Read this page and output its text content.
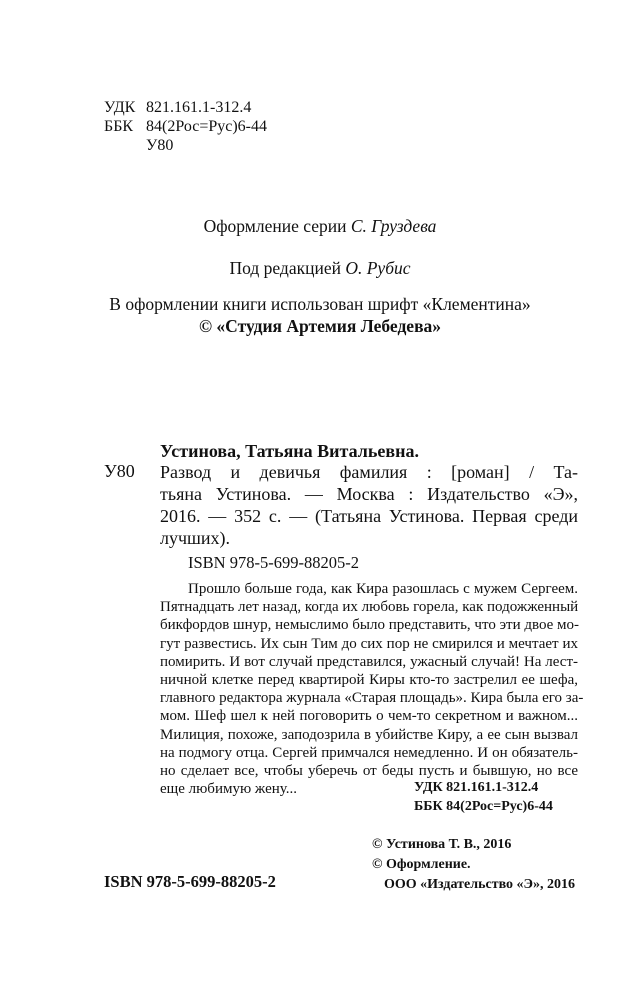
УДК 821.161.1-312.4
ББК 84(2Рос=Рус)6-44
У80
Оформление серии С. Груздева
Под редакцией О. Рубис
В оформлении книги использован шрифт «Клементина»
© «Студия Артемия Лебедева»
Устинова, Татьяна Витальевна.
У80 Развод и девичья фамилия : [роман] / Та-
тьяна Устинова. — Москва : Издательство «Э»,
2016. — 352 с. — (Татьяна Устинова. Первая среди
лучших).
ISBN 978-5-699-88205-2
Прошло больше года, как Кира разошлась с мужем Сергеем.
Пятнадцать лет назад, когда их любовь горела, как подожженный
бикфордов шнур, немыслимо было представить, что эти двое мо-
гут развестись. Их сын Тим до сих пор не смирился и мечтает их
помирить. И вот случай представился, ужасный случай! На лест-
ничной клетке перед квартирой Киры кто-то застрелил ее шефа,
главного редактора журнала «Старая площадь». Кира была его за-
мом. Шеф шел к ней поговорить о чем-то секретном и важном...
Милиция, похоже, заподозрила в убийстве Киру, а ее сын вызвал
на подмогу отца. Сергей примчался немедленно. И он обязатель-
но сделает все, чтобы уберечь от беды пусть и бывшую, но все
еще любимую жену...	УДК 821.161.1-312.4
ББК 84(2Рос=Рус)6-44
© Устинова Т. В., 2016
© Оформление.
ООО «Издательство «Э», 2016
ISBN 978-5-699-88205-2
